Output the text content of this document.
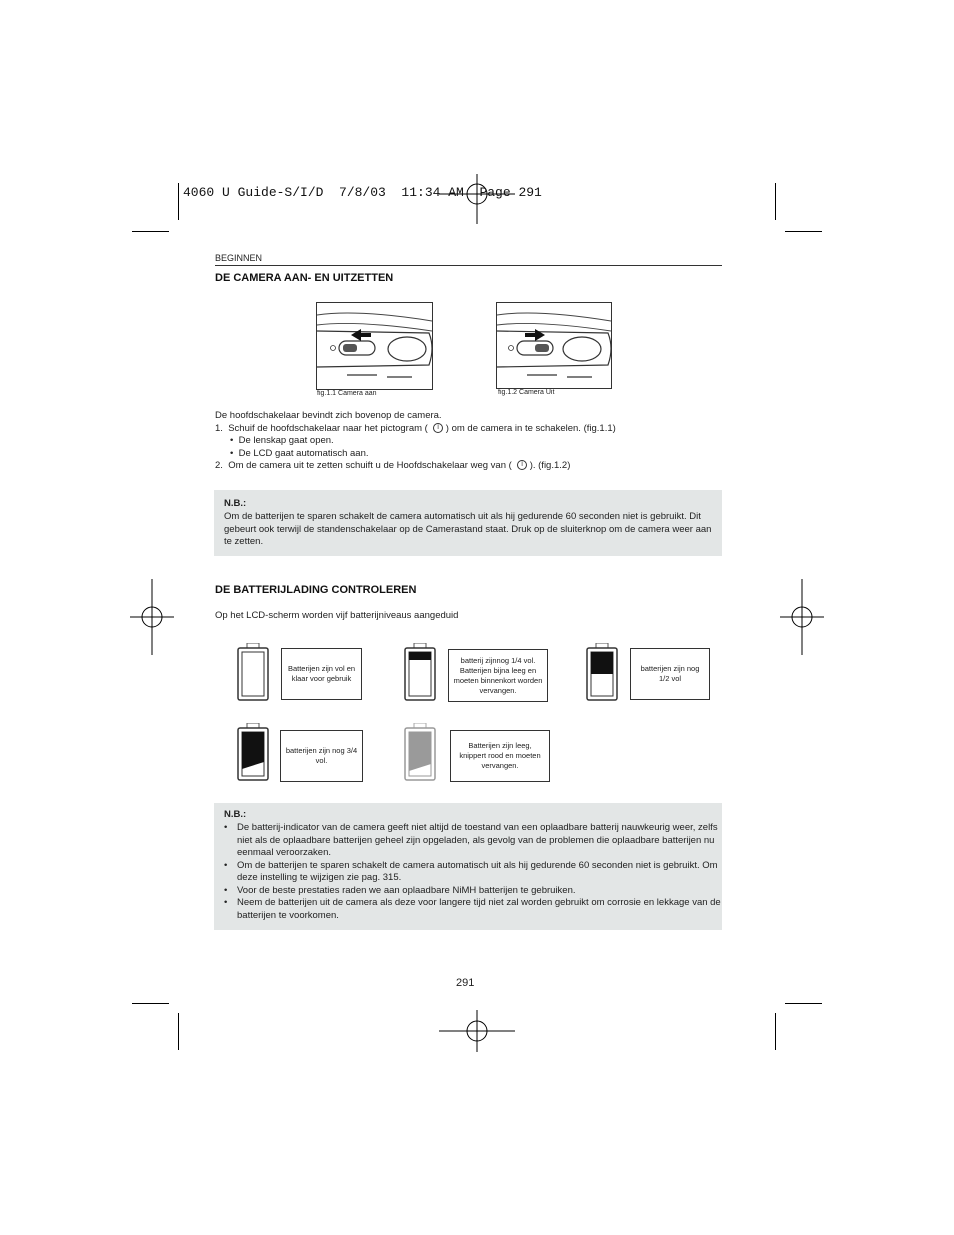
4060 U Guide-S/I/D  7/8/03  11:34 AM  Page 291
BEGINNEN
DE CAMERA AAN- EN UITZETTEN
fig.1.1 Camera aan	fig.1.2 Camera Uit
De hoofdschakelaar bevindt zich bovenop de camera.
1. Schuif de hoofdschakelaar naar het pictogram ( I ) om de camera in te schakelen. (fig.1.1)
•  De lenskap gaat open.
•  De LCD gaat automatisch aan.
2. Om de camera uit te zetten schuift u de Hoofdschakelaar weg van ( I ). (fig.1.2)
N.B.:
Om de batterijen te sparen schakelt de camera automatisch uit als hij gedurende 60 seconden niet is gebruikt. Dit gebeurt ook terwijl de standenschakelaar op de Camerastand staat. Druk op de sluiterknop om de camera weer aan te zetten.
DE BATTERIJLADING CONTROLEREN
Op het LCD-scherm worden vijf batterijniveaus aangeduid
Batterijen zijn vol en klaar voor gebruik
batterij zijnnog 1/4 vol. Batterijen bijna leeg en moeten binnenkort worden vervangen.
batterijen zijn nog 1/2 vol
batterijen zijn nog 3/4 vol.
Batterijen zijn leeg, knippert rood en moeten vervangen.
N.B.:
• De batterij-indicator van de camera geeft niet altijd de toestand van een oplaadbare batterij nauwkeurig weer, zelfs niet als de oplaadbare batterijen geheel zijn opgeladen, als gevolg van de problemen die oplaadbare batterijen nu eenmaal veroorzaken.
• Om de batterijen te sparen schakelt de camera automatisch uit als hij gedurende 60 seconden niet is gebruikt. Om deze instelling te wijzigen zie pag. 315.
• Voor de beste prestaties raden we aan oplaadbare NiMH batterijen te gebruiken.
• Neem de batterijen uit de camera als deze voor langere tijd niet zal worden gebruikt om corrosie en lekkage van de batterijen te voorkomen.
291
